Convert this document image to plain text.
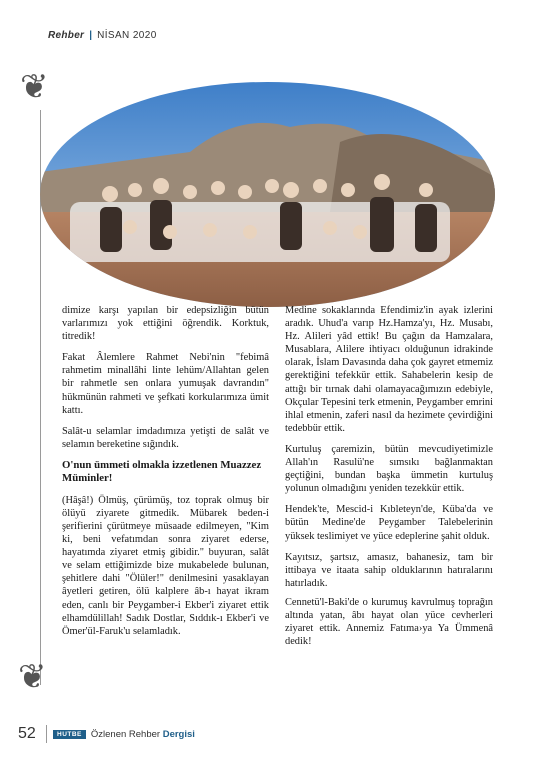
Rehber | NİSAN 2020
❦

dimize karşı yapılan bir edepsizliğin bütün varlarımızı yok ettiğini öğrendik. Korktuk, titredik!

Fakat Âlemlere Rahmet Nebi'nin "febimâ rahmetim minallâhi linte lehüm/Allahtan gelen bir rahmetle sen onlara yumuşak davrandın" hükmünün rahmeti ve şefkati korkularımıza ümit kattı.

Salât-u selamlar imdadımıza yetişti de salât ve selamın bereketine sığındık.

O'nun ümmeti olmakla izzetlenen Muazzez Müminler!

(Hâşâ!) Ölmüş, çürümüş, toz toprak olmuş bir ölüyü ziyarete gitmedik. Mübarek beden-i şerifierini çürütmeye müsaade edilmeyen, "Kim ki, beni vefatımdan sonra ziyaret ederse, hayatımda ziyaret etmiş gibidir." buyuran, salât ve selam ettiğimizde bize mukabelede bulunan, şehitlere dahi "Ölüler!" denilmesini yasaklayan âyetleri getiren, ölü kalplere âb-ı hayat ikram eden, canlı bir Peygamber-i Ekber'i ziyaret ettik elhamdülillah! Sadık Dostlar, Sıddık-ı Ekber'i ve Ömer'ül-Faruk'u selamladık.

Medine sokaklarında Efendimiz'in ayak izlerini aradık. Uhud'a varıp Hz.Hamza'yı, Hz. Musabı, Hz. Alileri yâd ettik! Bu çağın da Hamzalara, Musablara, Alilere ihtiyacı olduğunun idrakinde olarak, İslam Davasında daha çok gayret etmemiz gerektiğini tefekkür ettik. Sahabelerin kesip de attığı bir tırnak dahi olamayacağımızın edebiyle, Okçular Tepesini terk etmenin, Peygamber emrini ihlal etmenin, zaferi nasıl da hezimete çevirdiğini tedebbür ettik.

Kurtuluş çaremizin, bütün mevcudiyetimizle Allah'ın Rasulü'ne sımsıkı bağlanmaktan geçtiğini, bundan başka ümmetin kurtuluş yolunun olmadığını yeniden tezekkür ettik.

Hendek'te, Mescid-i Kıbleteyn'de, Küba'da ve bütün Medine'de Peygamber Talebelerinin yüksek teslimiyet ve yüce edeplerine şahit olduk.

Kayıtsız, şartsız, amasız, bahanesiz, tam bir ittibaya ve itaata sahip olduklarının hatıralarını hatırladık.

Cennetü'l-Baki'de o kurumuş kavrulmuş toprağın altında yatan, âbı hayat olan yüce cevherleri ziyaret ettik. Annemiz Fatıma›ya Ya Ümmenâ dedik!

❦
52	HUTBE Özlenen Rehber Dergisi
